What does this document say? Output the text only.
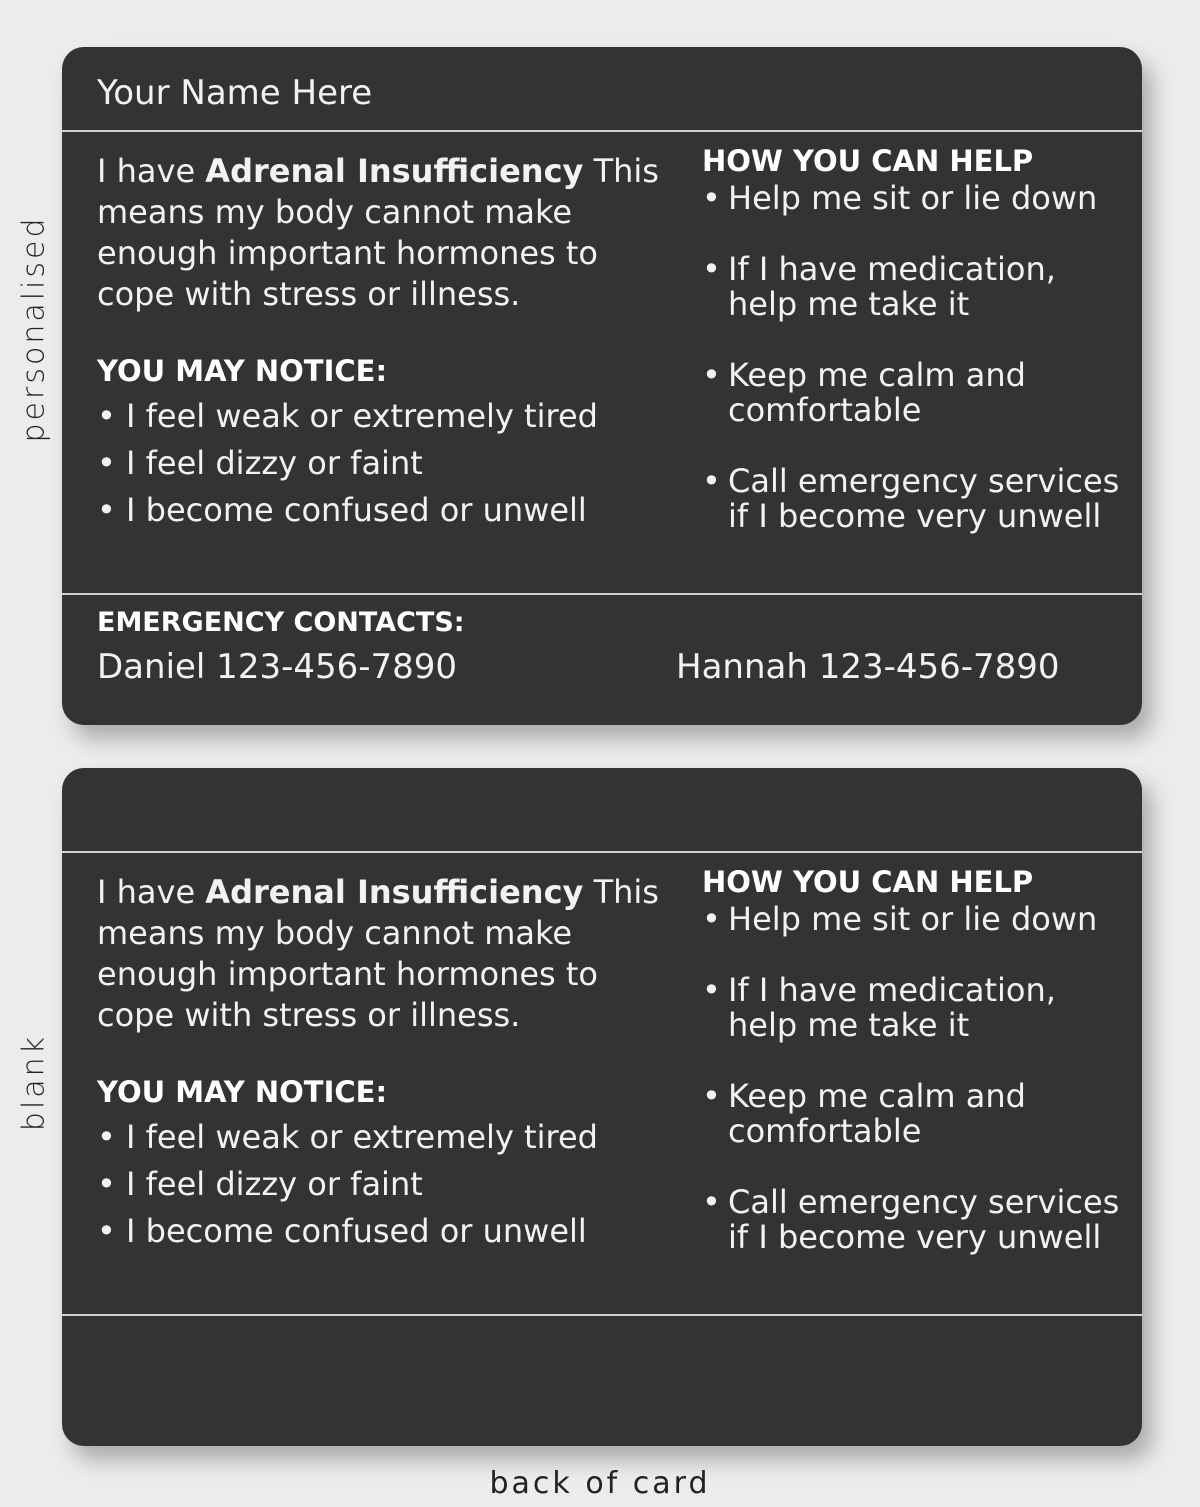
personalised
blank
Your Name Here

I have Adrenal Insufficiency This means my body cannot make enough important hormones to cope with stress or illness.

YOU MAY NOTICE:
• I feel weak or extremely tired
• I feel dizzy or faint
• I become confused or unwell
HOW YOU CAN HELP
• Help me sit or lie down
• If I have medication, help me take it
• Keep me calm and comfortable
• Call emergency services if I become very unwell
EMERGENCY CONTACTS:
Daniel 123-456-7890	Hannah 123-456-7890

I have Adrenal Insufficiency This means my body cannot make enough important hormones to cope with stress or illness.

YOU MAY NOTICE:
• I feel weak or extremely tired
• I feel dizzy or faint
• I become confused or unwell
HOW YOU CAN HELP
• Help me sit or lie down
• If I have medication, help me take it
• Keep me calm and comfortable
• Call emergency services if I become very unwell
back of card
